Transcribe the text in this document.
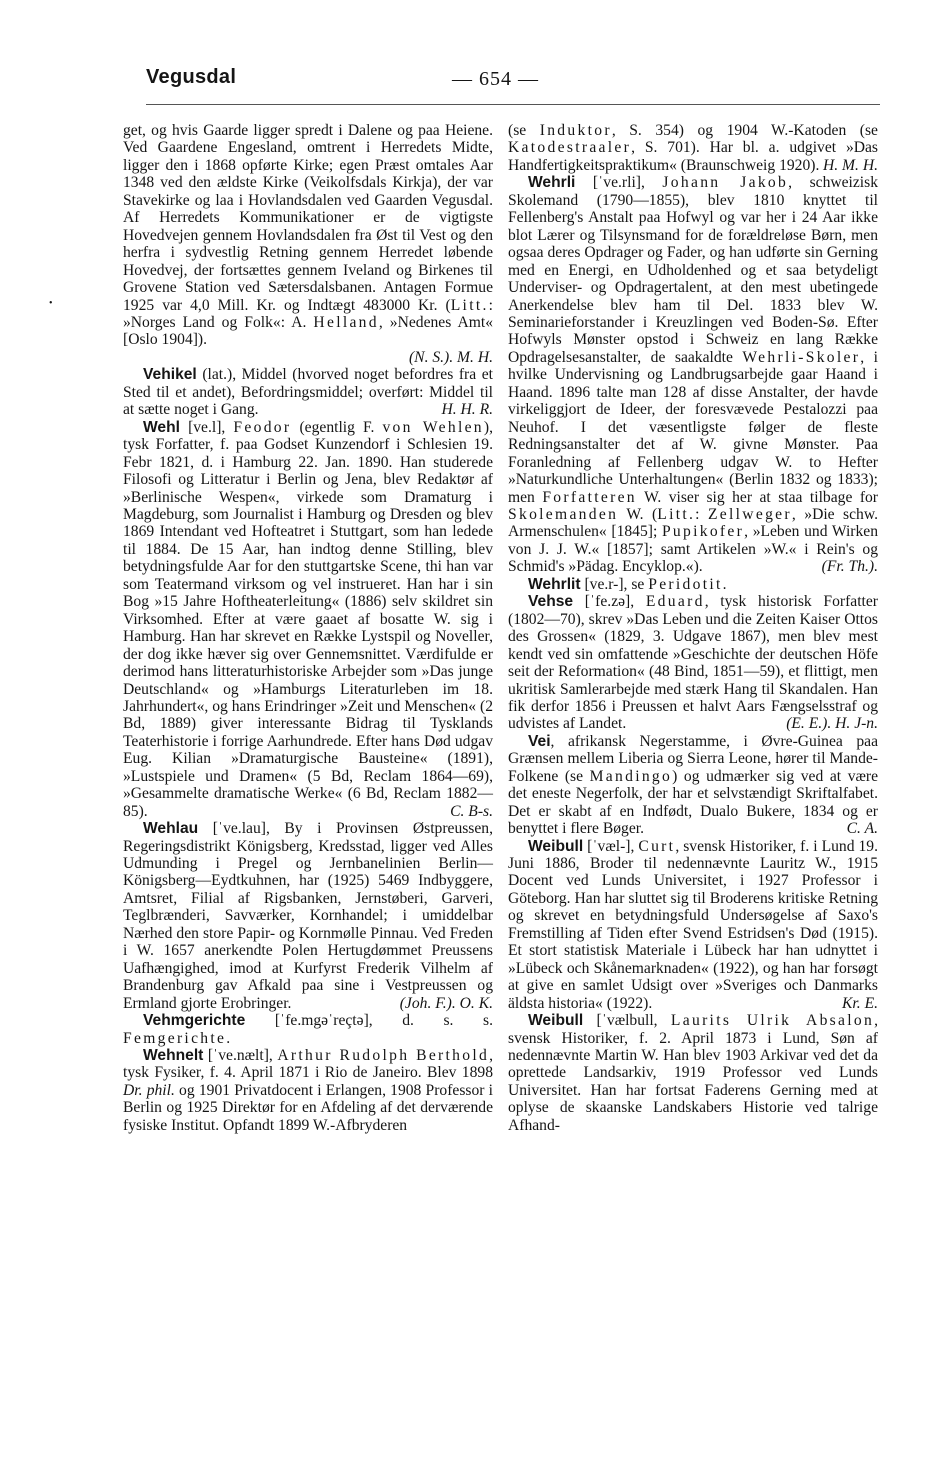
Vegusdal	— 654 —
•

get, og hvis Gaarde ligger spredt i Dalene og paa Heiene. Ved Gaardene Engesland, omtrent i Herredets Midte, ligger den i 1868 opførte Kirke; egen Præst omtales Aar 1348 ved den ældste Kirke (Veikolfsdals Kirkja), der var Stavekirke og laa i Hovlandsdalen ved Gaarden Vegusdal. Af Herredets Kommunikationer er de vigtigste Hovedvejen gennem Hovlandsdalen fra Øst til Vest og den herfra i sydvestlig Retning gennem Herredet løbende Hovedvej, der fortsættes gennem Iveland og Birkenes til Grovene Station ved Sætersdalsbanen. Antagen Formue 1925 var 4,0 Mill. Kr. og Indtægt 483000 Kr. (Litt.: »Norges Land og Folk«: A. Helland, »Nedenes Amt« [Oslo 1904]).
(N. S.). M. H.

Vehikel (lat.), Middel (hvorved noget befordres fra et Sted til et andet), Befordringsmiddel; overført: Middel til at sætte noget i Gang.	H. H. R.

Wehl [ve.l], Feodor (egentlig F. von Wehlen), tysk Forfatter, f. paa Godset Kunzendorf i Schlesien 19. Febr 1821, d. i Hamburg 22. Jan. 1890. Han studerede Filosofi og Litteratur i Berlin og Jena, blev Redaktør af »Berlinische Wespen«, virkede som Dramaturg i Magdeburg, som Journalist i Hamburg og Dresden og blev 1869 Intendant ved Hofteatret i Stuttgart, som han ledede til 1884. De 15 Aar, han indtog denne Stilling, blev betydningsfulde Aar for den stuttgartske Scene, thi han var som Teatermand virksom og vel instrueret. Han har i sin Bog »15 Jahre Hoftheaterleitung« (1886) selv skildret sin Virksomhed. Efter at være gaaet af bosatte W. sig i Hamburg. Han har skrevet en Række Lystspil og Noveller, der dog ikke hæver sig over Gennemsnittet. Værdifulde er derimod hans litteraturhistoriske Arbejder som »Das junge Deutschland« og »Hamburgs Literaturleben im 18. Jahrhundert«, og hans Erindringer »Zeit und Menschen« (2 Bd, 1889) giver interessante Bidrag til Tysklands Teaterhistorie i forrige Aarhundrede. Efter hans Død udgav Eug. Kilian »Dramaturgische Bausteine« (1891), »Lustspiele und Dramen« (5 Bd, Reclam 1864—69), »Gesammelte dramatische Werke« (6 Bd, Reclam 1882—85).	C. B-s.

Wehlau [ˈve.lau], By i Provinsen Østpreussen, Regeringsdistrikt Königsberg, Kredsstad, ligger ved Alles Udmunding i Pregel og Jernbanelinien Berlin—Königsberg—Eydtkuhnen, har (1925) 5469 Indbyggere, Amtsret, Filial af Rigsbanken, Jernstøberi, Garveri, Teglbrænderi, Savværker, Kornhandel; i umiddelbar Nærhed den store Papir- og Kornmølle Pinnau. Ved Freden i W. 1657 anerkendte Polen Hertugdømmet Preussens Uafhængighed, imod at Kurfyrst Frederik Vilhelm af Brandenburg gav Afkald paa sine i Vestpreussen og Ermland gjorte Erobringer.	(Joh. F.). O. K.

Vehmgerichte [ˈfe.mgəˈreçtə], d. s. s. Femgerichte.

Wehnelt [ˈve.nælt], Arthur Rudolph Berthold, tysk Fysiker, f. 4. April 1871 i Rio de Janeiro. Blev 1898 Dr. phil. og 1901 Privatdocent i Erlangen, 1908 Professor i Berlin og 1925 Direktør for en Afdeling af det derværende fysiske Institut. Opfandt 1899 W.-Afbryderen

(se Induktor, S. 354) og 1904 W.-Katoden (se Katodestraaler, S. 701). Har bl. a. udgivet »Das Handfertigkeitspraktikum« (Braunschweig 1920). H. M. H.

Wehrli [ˈve.rli], Johann Jakob, schweizisk Skolemand (1790—1855), blev 1810 knyttet til Fellenberg's Anstalt paa Hofwyl og var her i 24 Aar ikke blot Lærer og Tilsynsmand for de forældreløse Børn, men ogsaa deres Opdrager og Fader, og han udførte sin Gerning med en Energi, en Udholdenhed og et saa betydeligt Underviser- og Opdragertalent, at den mest ubetingede Anerkendelse blev ham til Del. 1833 blev W. Seminarieforstander i Kreuzlingen ved Boden-Sø. Efter Hofwyls Mønster opstod i Schweiz en lang Række Opdragelsesanstalter, de saakaldte Wehrli-Skoler, i hvilke Undervisning og Landbrugsarbejde gaar Haand i Haand. 1896 talte man 128 af disse Anstalter, der havde virkeliggjort de Ideer, der foresvævede Pestalozzi paa Neuhof. I det væsentligste følger de fleste Redningsanstalter det af W. givne Mønster. Paa Foranledning af Fellenberg udgav W. to Hefter »Naturkundliche Unterhaltungen« (Berlin 1832 og 1833); men Forfatteren W. viser sig her at staa tilbage for Skolemanden W. (Litt.: Zellweger, »Die schw. Armenschulen« [1845]; Pupikofer, »Leben und Wirken von J. J. W.« [1857]; samt Artikelen »W.« i Rein's og Schmid's »Pädag. Encyklop.«).	(Fr. Th.).

Wehrlit [ve.r-], se Peridotit.

Vehse [ˈfe.zə], Eduard, tysk historisk Forfatter (1802—70), skrev »Das Leben und die Zeiten Kaiser Ottos des Grossen« (1829, 3. Udgave 1867), men blev mest kendt ved sin omfattende »Geschichte der deutschen Höfe seit der Reformation« (48 Bind, 1851—59), et flittigt, men ukritisk Samlerarbejde med stærk Hang til Skandalen. Han fik derfor 1856 i Preussen et halvt Aars Fængselsstraf og udvistes af Landet.	(E. E.). H. J-n.

Vei, afrikansk Negerstamme, i Øvre-Guinea paa Grænsen mellem Liberia og Sierra Leone, hører til Mande-Folkene (se Mandingo) og udmærker sig ved at være det eneste Negerfolk, der har et selvstændigt Skriftalfabet. Det er skabt af en Indfødt, Dualo Bukere, 1834 og er benyttet i flere Bøger.	C. A.

Weibull [ˈvæl-], Curt, svensk Historiker, f. i Lund 19. Juni 1886, Broder til nedennævnte Lauritz W., 1915 Docent ved Lunds Universitet, i 1927 Professor i Göteborg. Han har sluttet sig til Broderens kritiske Retning og skrevet en betydningsfuld Undersøgelse af Saxo's Fremstilling af Tiden efter Svend Estridsen's Død (1915). Et stort statistisk Materiale i Lübeck har han udnyttet i »Lübeck och Skånemarknaden« (1922), og han har forsøgt at give en samlet Udsigt over »Sveriges och Danmarks äldsta historia« (1922).	Kr. E.

Weibull [ˈvælbull, Laurits Ulrik Absalon, svensk Historiker, f. 2. April 1873 i Lund, Søn af nedennævnte Martin W. Han blev 1903 Arkivar ved det da oprettede Landsarkiv, 1919 Professor ved Lunds Universitet. Han har fortsat Faderens Gerning med at oplyse de skaanske Landskabers Historie ved talrige Afhand-
